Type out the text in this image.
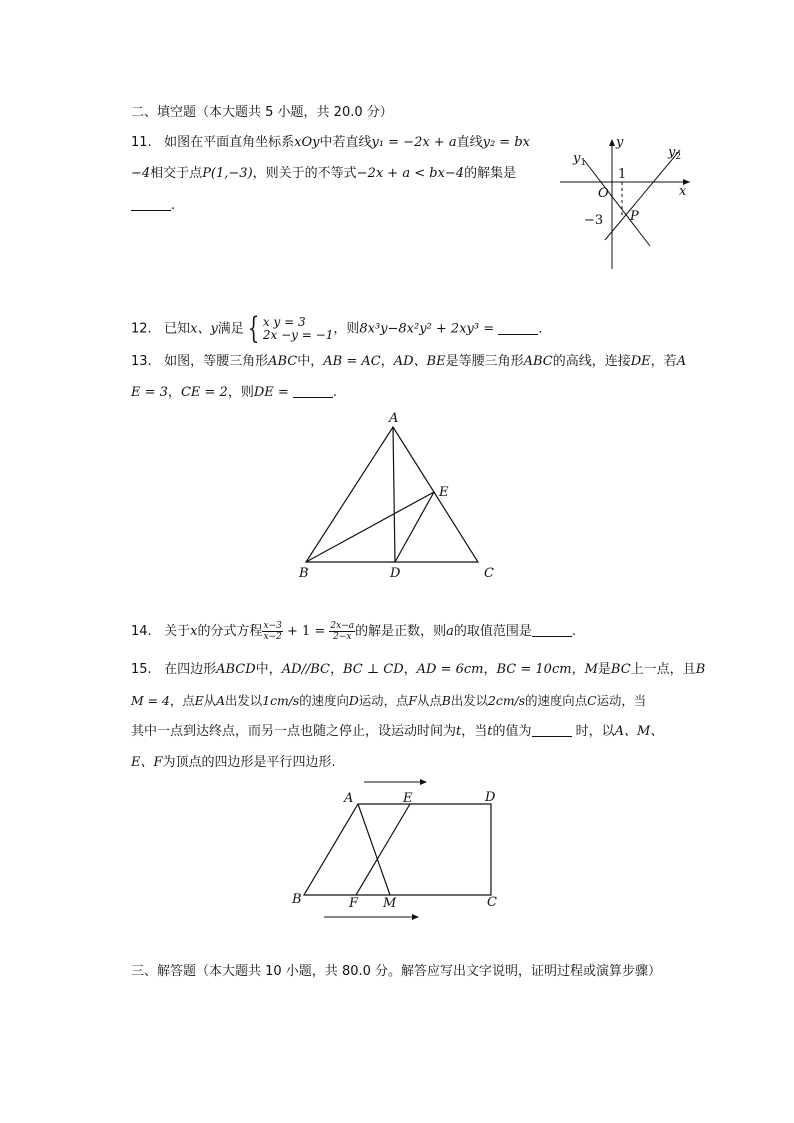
二、填空题（本大题共 5 小题，共 20.0 分）
11. 如图在平面直角坐标系xOy中若直线y₁ = −2x + a直线y₂ = bx
−4相交于点P(1,−3)，则关于的不等式−2x + a < bx−4的解集是
.
y
x
O
1
−3 P
$y_1$
$y_2$
12. 已知x、y满足 { x y = 3
2x −y = −1 ，则8x³y−8x²y² + 2xy³ =	.
13. 如图，等腰三角形ABC中，AB = AC，AD、BE是等腰三角形ABC的高线，连接DE，若A
E = 3，CE = 2，则DE =	.
A
B	C
D
E
14. 关于x的分式方程 $\frac{x-3}{x-2} + 1 = \frac{2x-a}{2-x}$ 的解是正数，则a的取值范围是	.
15. 在四边形ABCD中，AD//BC，BC ⊥ CD，AD = 6cm，BC = 10cm，M是BC上一点，且B
M = 4，点E从A出发以1cm/s的速度向D运动，点F从点B出发以2cm/s的速度向点C运动，当
其中一点到达终点，而另一点也随之停止，设运动时间为t，当t的值为	时，以A、M、
E、F为顶点的四边形是平行四边形.
A	E	D
B	F M	C
三、解答题（本大题共 10 小题，共 80.0 分。解答应写出文字说明，证明过程或演算步骤）
